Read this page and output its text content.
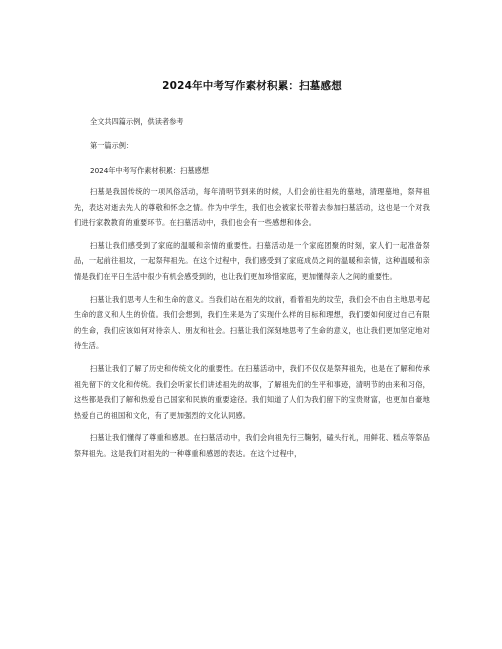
2024年中考写作素材积累：扫墓感想

全文共四篇示例，供读者参考

第一篇示例：

2024年中考写作素材积累：扫墓感想

扫墓是我国传统的一项风俗活动，每年清明节到来的时候，人们会前往祖先的墓地，清理墓地，祭拜祖先，表达对逝去先人的尊敬和怀念之情。作为中学生，我们也会被家长带着去参加扫墓活动，这也是一个对我们进行家教教育的重要环节。在扫墓活动中，我们也会有一些感想和体会。

扫墓让我们感受到了家庭的温暖和亲情的重要性。扫墓活动是一个家庭团聚的时刻，家人们一起准备祭品，一起前往祖坟，一起祭拜祖先。在这个过程中，我们感受到了家庭成员之间的温暖和亲情，这种温暖和亲情是我们在平日生活中很少有机会感受到的，也让我们更加珍惜家庭，更加懂得亲人之间的重要性。

扫墓让我们思考人生和生命的意义。当我们站在祖先的坟前，看着祖先的坟茔，我们会不由自主地思考起生命的意义和人生的价值。我们会想到，我们生来是为了实现什么样的目标和理想，我们要如何度过自己有限的生命，我们应该如何对待亲人、朋友和社会。扫墓让我们深刻地思考了生命的意义，也让我们更加坚定地对待生活。

扫墓让我们了解了历史和传统文化的重要性。在扫墓活动中，我们不仅仅是祭拜祖先，也是在了解和传承祖先留下的文化和传统。我们会听家长们讲述祖先的故事，了解祖先们的生平和事迹，清明节的由来和习俗，这些都是我们了解和热爱自己国家和民族的重要途径。我们知道了人们为我们留下的宝贵财富，也更加自豪地热爱自己的祖国和文化，有了更加强烈的文化认同感。

扫墓让我们懂得了尊重和感恩。在扫墓活动中，我们会向祖先行三鞠躬，磕头行礼，用鲜花、糕点等祭品祭拜祖先。这是我们对祖先的一种尊重和感恩的表达。在这个过程中，
